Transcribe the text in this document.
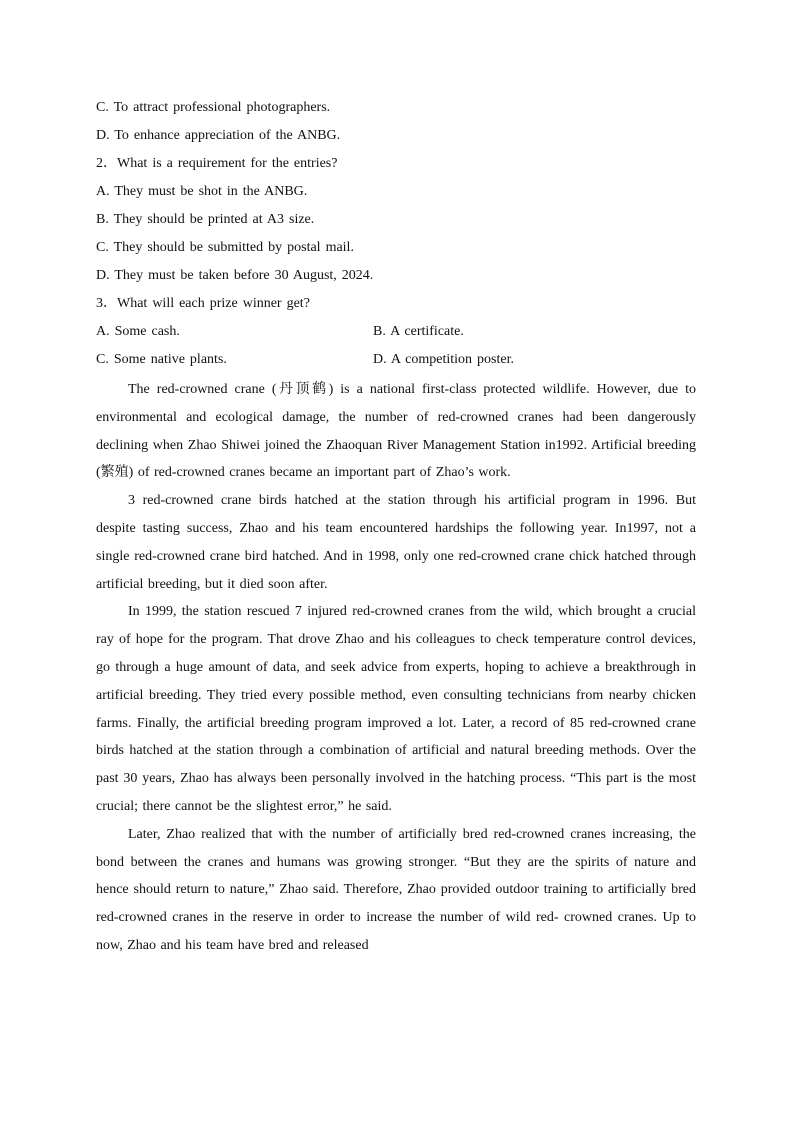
C. To attract professional photographers.
D. To enhance appreciation of the ANBG.
2．What is a requirement for the entries?
A. They must be shot in the ANBG.
B. They should be printed at A3 size.
C. They should be submitted by postal mail.
D. They must be taken before 30 August, 2024.
3．What will each prize winner get?
A. Some cash.	B. A certificate.
C. Some native plants.	D. A competition poster.

The red-crowned crane (丹顶鹤) is a national first-class protected wildlife. However, due to environmental and ecological damage, the number of red-crowned cranes had been dangerously declining when Zhao Shiwei joined the Zhaoquan River Management Station in1992. Artificial breeding (繁殖) of red-crowned cranes became an important part of Zhao’s work.

3 red-crowned crane birds hatched at the station through his artificial program in 1996. But despite tasting success, Zhao and his team encountered hardships the following year. In1997, not a single red-crowned crane bird hatched. And in 1998, only one red-crowned crane chick hatched through artificial breeding, but it died soon after.

In 1999, the station rescued 7 injured red-crowned cranes from the wild, which brought a crucial ray of hope for the program. That drove Zhao and his colleagues to check temperature control devices, go through a huge amount of data, and seek advice from experts, hoping to achieve a breakthrough in artificial breeding. They tried every possible method, even consulting technicians from nearby chicken farms. Finally, the artificial breeding program improved a lot. Later, a record of 85 red-crowned crane birds hatched at the station through a combination of artificial and natural breeding methods. Over the past 30 years, Zhao has always been personally involved in the hatching process. “This part is the most crucial; there cannot be the slightest error,” he said.

Later, Zhao realized that with the number of artificially bred red-crowned cranes increasing, the bond between the cranes and humans was growing stronger. “But they are the spirits of nature and hence should return to nature,” Zhao said. Therefore, Zhao provided outdoor training to artificially bred red-crowned cranes in the reserve in order to increase the number of wild red- crowned cranes. Up to now, Zhao and his team have bred and released
